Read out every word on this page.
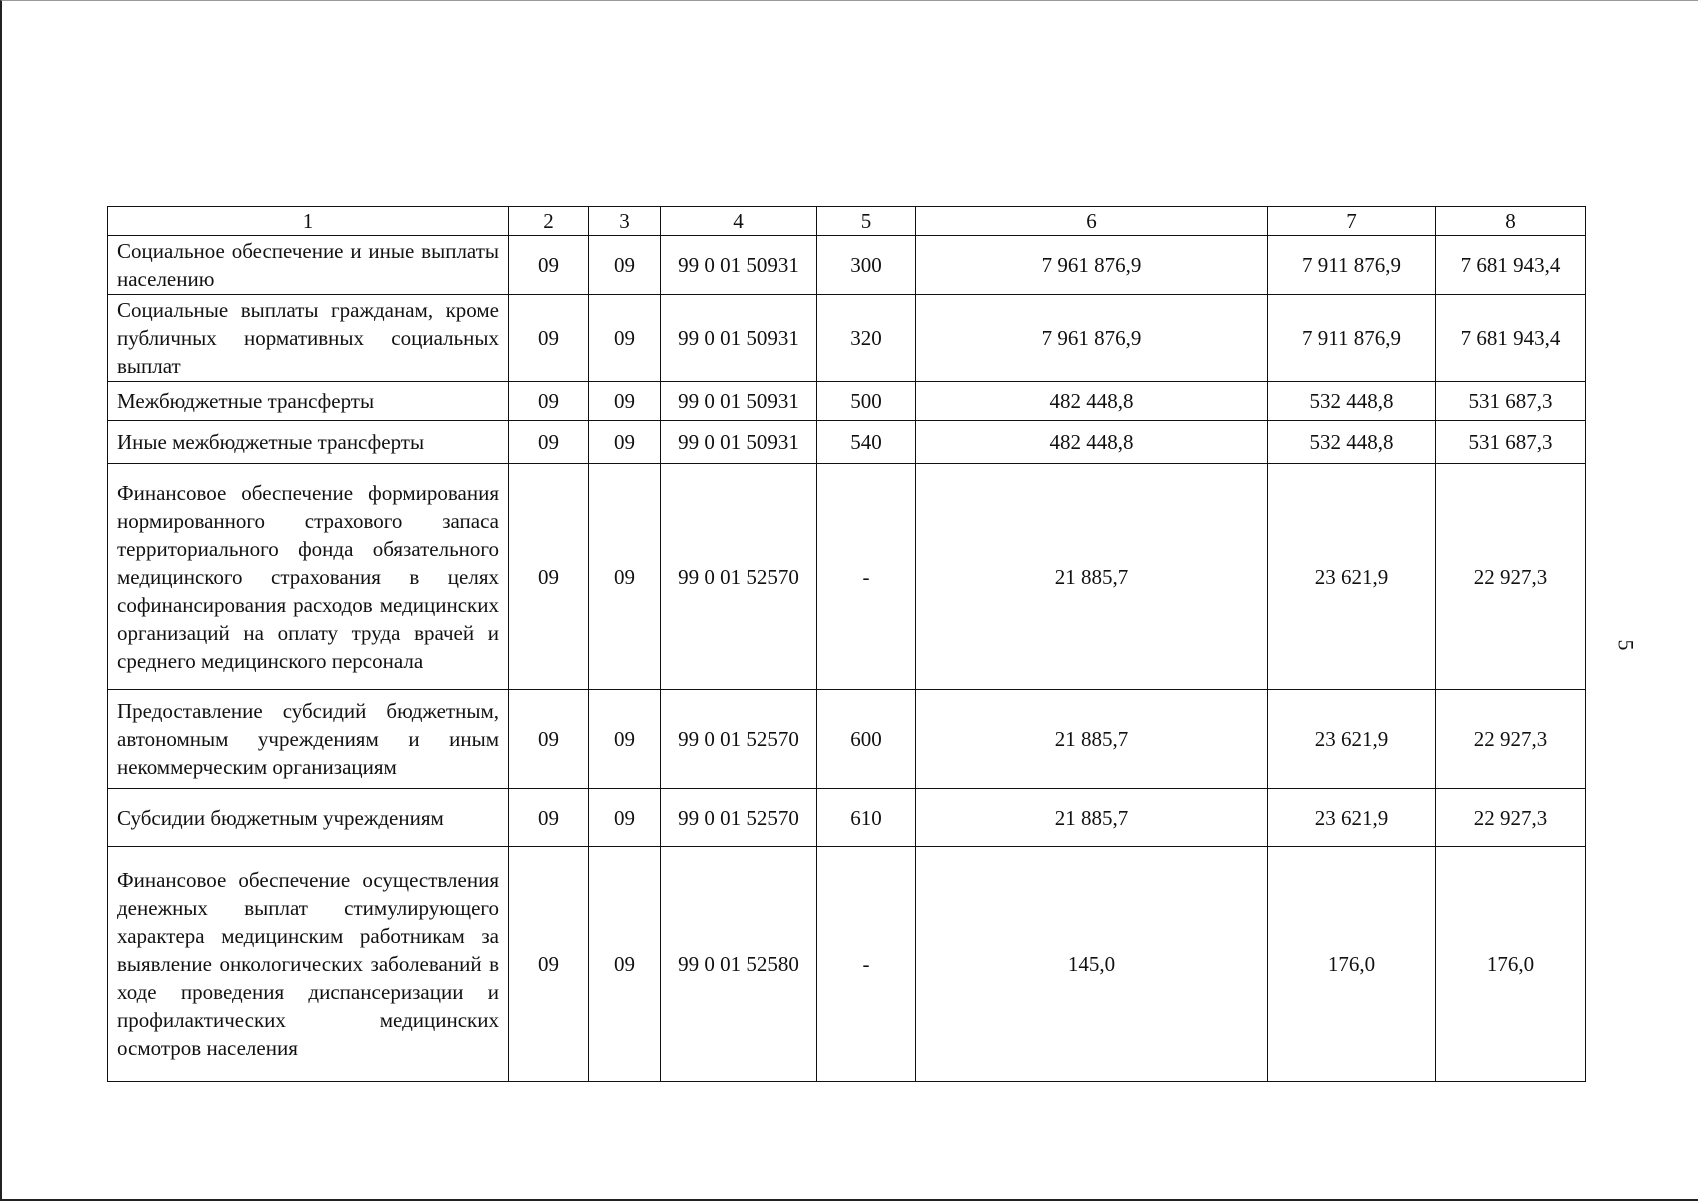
1	2	3	4	5	6	7	8
Социальное обеспечение и иные выплаты населению	09	09	99 0 01 50931	300	7 961 876,9	7 911 876,9	7 681 943,4
Социальные выплаты гражданам, кроме публичных нормативных социальных выплат	09	09	99 0 01 50931	320	7 961 876,9	7 911 876,9	7 681 943,4
Межбюджетные трансферты	09	09	99 0 01 50931	500	482 448,8	532 448,8	531 687,3
Иные межбюджетные трансферты	09	09	99 0 01 50931	540	482 448,8	532 448,8	531 687,3
Финансовое обеспечение формирования нормированного страхового запаса территориального фонда обязательного медицинского страхования в целях софинансирования расходов медицинских организаций на оплату труда врачей и среднего медицинского персонала	09	09	99 0 01 52570	-	21 885,7	23 621,9	22 927,3
Предоставление субсидий бюджетным, автономным учреждениям и иным некоммерческим организациям	09	09	99 0 01 52570	600	21 885,7	23 621,9	22 927,3
Субсидии бюджетным учреждениям	09	09	99 0 01 52570	610	21 885,7	23 621,9	22 927,3
Финансовое обеспечение осуществления денежных выплат стимулирующего характера медицинским работникам за выявление онкологических заболеваний в ходе проведения диспансеризации и профилактических медицинских осмотров населения	09	09	99 0 01 52580	-	145,0	176,0	176,0
5
